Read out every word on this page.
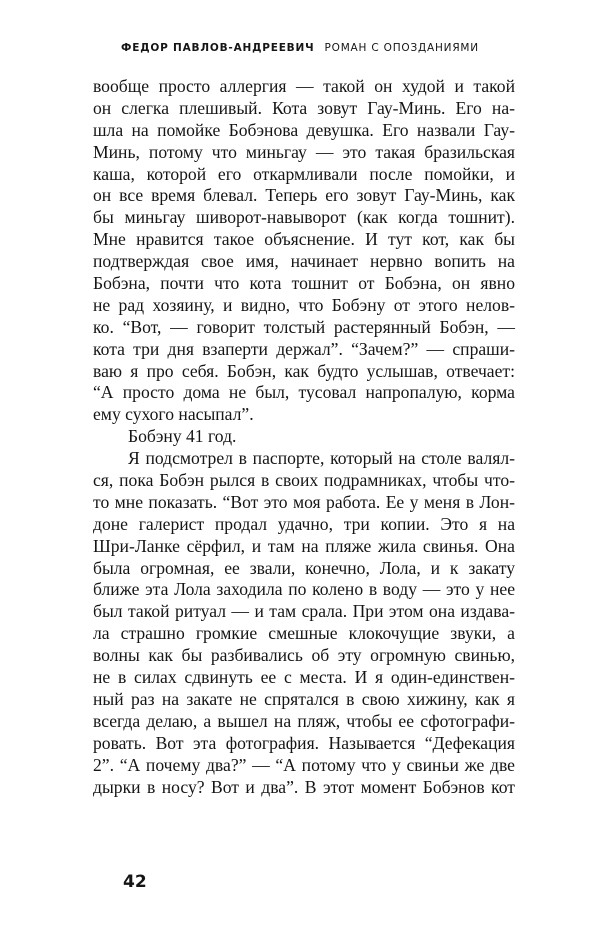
ФЕДОР ПАВЛОВ-АНДРЕЕВИЧ РОМАН С ОПОЗДАНИЯМИ
вообще просто аллергия — такой он худой и такой
он слегка плешивый. Кота зовут Гау-Минь. Его на-
шла на помойке Бобэнова девушка. Его назвали Гау-
Минь, потому что миньгау — это такая бразильская
каша, которой его откармливали после помойки, и
он все время блевал. Теперь его зовут Гау-Минь, как
бы миньгау шиворот-навыворот (как когда тошнит).
Мне нравится такое объяснение. И тут кот, как бы
подтверждая свое имя, начинает нервно вопить на
Бобэна, почти что кота тошнит от Бобэна, он явно
не рад хозяину, и видно, что Бобэну от этого нелов-
ко. “Вот, — говорит толстый растерянный Бобэн, —
кота три дня взаперти держал”. “Зачем?” — спраши-
ваю я про себя. Бобэн, как будто услышав, отвечает:
“А просто дома не был, тусовал напропалую, корма
ему сухого насыпал”.
Бобэну 41 год.
Я подсмотрел в паспорте, который на столе валял-
ся, пока Бобэн рылся в своих подрамниках, чтобы что-
то мне показать. “Вот это моя работа. Ее у меня в Лон-
доне галерист продал удачно, три копии. Это я на
Шри-Ланке сёрфил, и там на пляже жила свинья. Она
была огромная, ее звали, конечно, Лола, и к закату
ближе эта Лола заходила по колено в воду — это у нее
был такой ритуал — и там срала. При этом она издава-
ла страшно громкие смешные клокочущие звуки, а
волны как бы разбивались об эту огромную свинью,
не в силах сдвинуть ее с места. И я один-единствен-
ный раз на закате не спрятался в свою хижину, как я
всегда делаю, а вышел на пляж, чтобы ее сфотографи-
ровать. Вот эта фотография. Называется “Дефекация
2”. “А почему два?” — “А потому что у свиньи же две
дырки в носу? Вот и два”. В этот момент Бобэнов кот
42
